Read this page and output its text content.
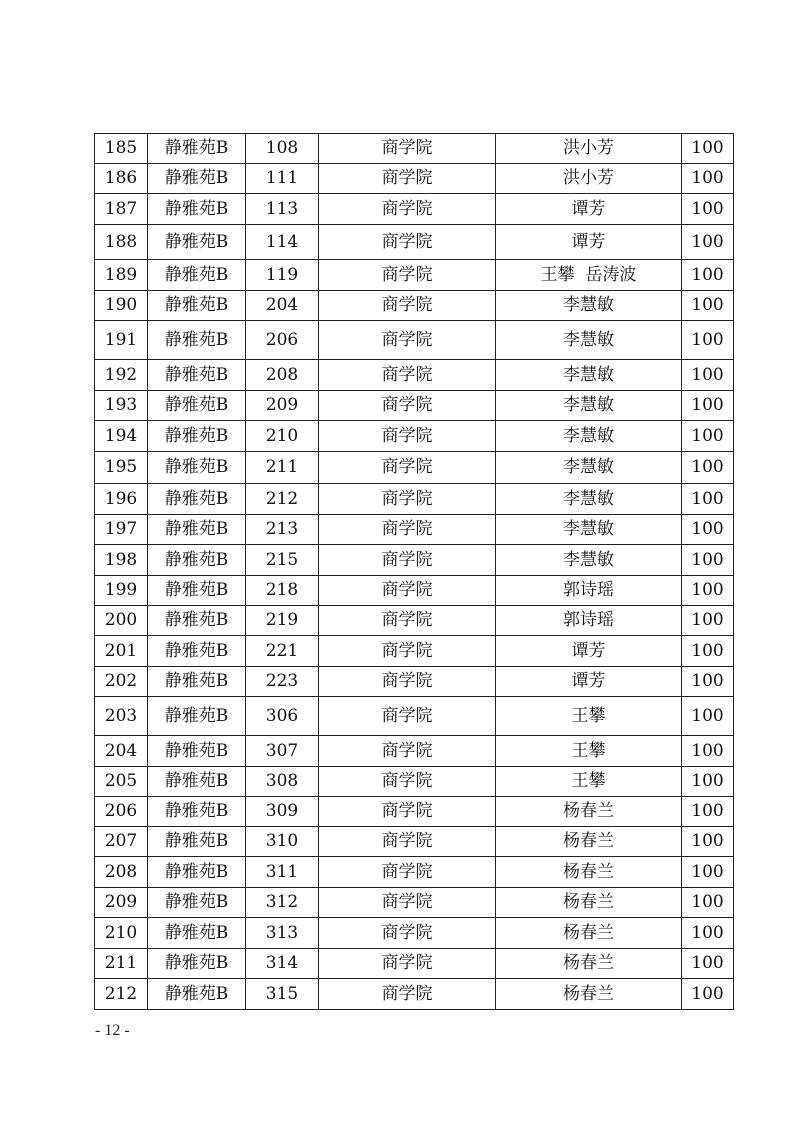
185	静雅苑B	108	商学院	洪小芳	100
186	静雅苑B	111	商学院	洪小芳	100
187	静雅苑B	113	商学院	谭芳	100
188	静雅苑B	114	商学院	谭芳	100
189	静雅苑B	119	商学院	王攀  岳涛波	100
190	静雅苑B	204	商学院	李慧敏	100
191	静雅苑B	206	商学院	李慧敏	100
192	静雅苑B	208	商学院	李慧敏	100
193	静雅苑B	209	商学院	李慧敏	100
194	静雅苑B	210	商学院	李慧敏	100
195	静雅苑B	211	商学院	李慧敏	100
196	静雅苑B	212	商学院	李慧敏	100
197	静雅苑B	213	商学院	李慧敏	100
198	静雅苑B	215	商学院	李慧敏	100
199	静雅苑B	218	商学院	郭诗瑶	100
200	静雅苑B	219	商学院	郭诗瑶	100
201	静雅苑B	221	商学院	谭芳	100
202	静雅苑B	223	商学院	谭芳	100
203	静雅苑B	306	商学院	王攀	100
204	静雅苑B	307	商学院	王攀	100
205	静雅苑B	308	商学院	王攀	100
206	静雅苑B	309	商学院	杨春兰	100
207	静雅苑B	310	商学院	杨春兰	100
208	静雅苑B	311	商学院	杨春兰	100
209	静雅苑B	312	商学院	杨春兰	100
210	静雅苑B	313	商学院	杨春兰	100
211	静雅苑B	314	商学院	杨春兰	100
212	静雅苑B	315	商学院	杨春兰	100
- 12 -
